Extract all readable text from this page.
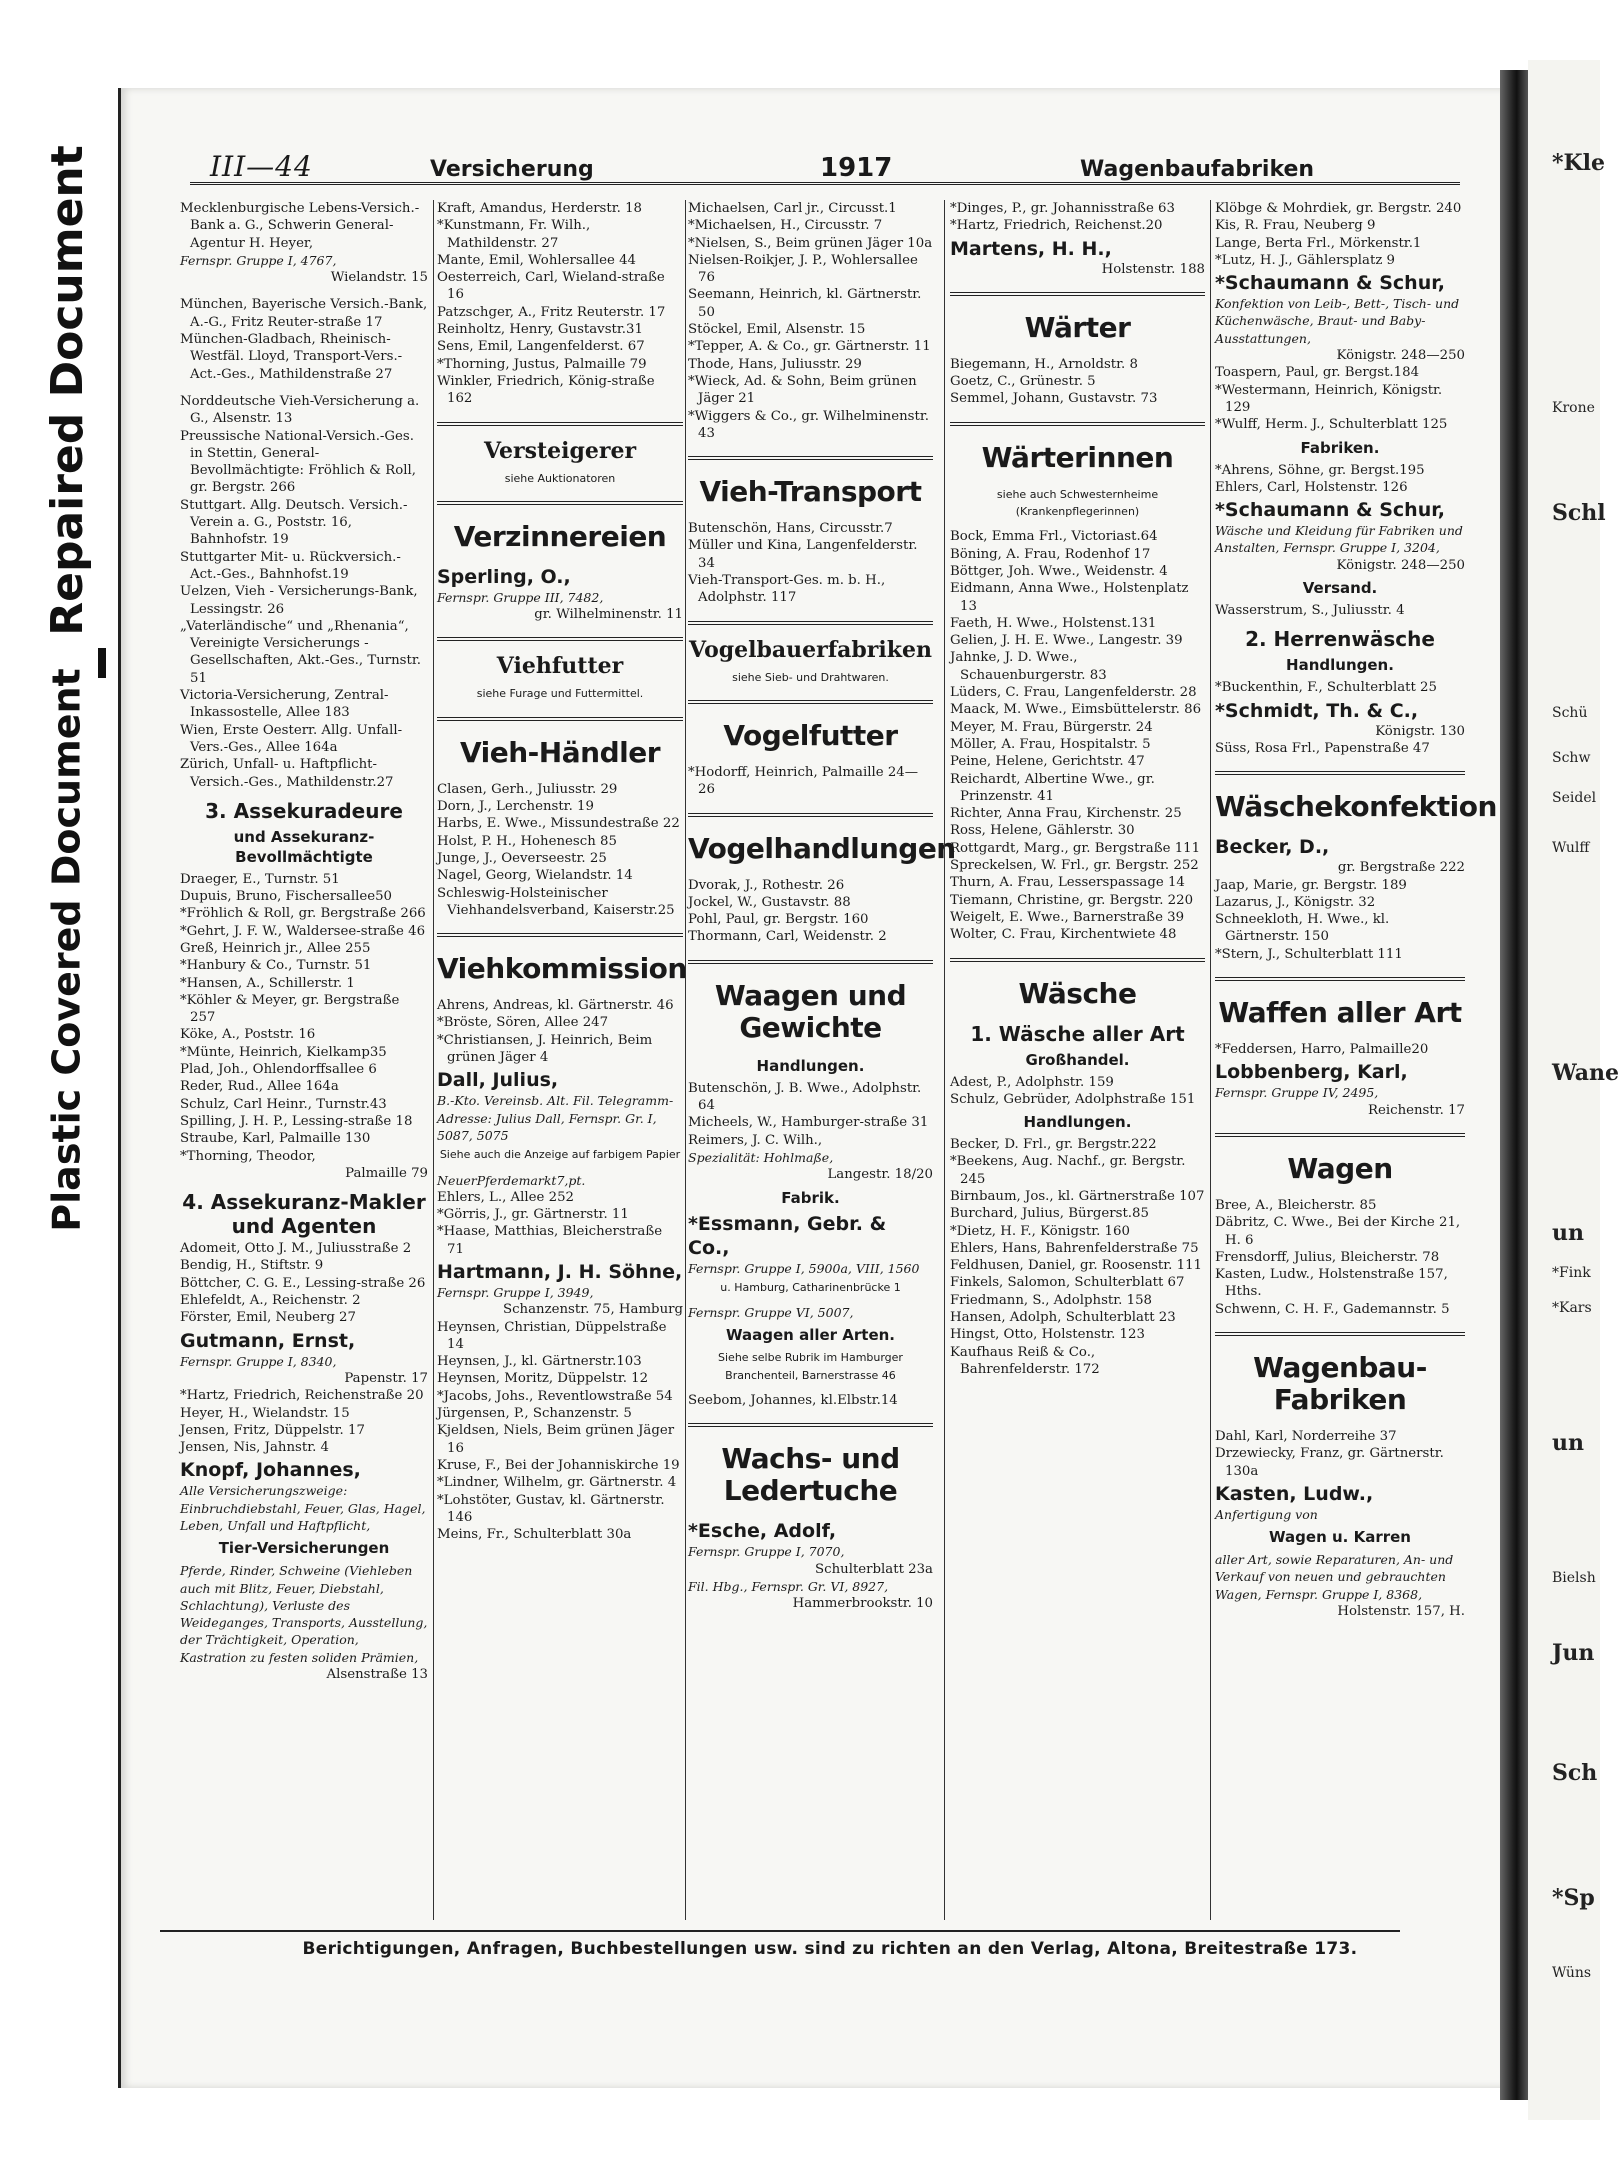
Repaired Document
Plastic Covered Document
*Kle
Krone
Schl
Schü
Schw
Seidel
Wulff
Wane
un
*Fink
*Kars
un
Bielsh
Jun
Sch
*Sp
Wüns
III—44	Versicherung	1917	Wagenbaufabriken
Mecklenburgische Lebens-Versich.-Bank a. G., Schwerin General-Agentur H. Heyer,
Fernspr. Gruppe I, 4767,
Wielandstr. 15
München, Bayerische Versich.-Bank, A.-G., Fritz Reuter-straße 17
München-Gladbach, Rheinisch-Westfäl. Lloyd, Transport-Vers.-Act.-Ges., Mathildenstraße 27
Norddeutsche Vieh-Versicherung a. G., Alsenstr. 13
Preussische National-Versich.-Ges. in Stettin, General-Bevollmächtigte: Fröhlich & Roll, gr. Bergstr. 266
Stuttgart. Allg. Deutsch. Versich.-Verein a. G., Poststr. 16, Bahnhofstr. 19
Stuttgarter Mit- u. Rückversich.-Act.-Ges., Bahnhofst.19
Uelzen, Vieh - Versicherungs-Bank, Lessingstr. 26
„Vaterländische“ und „Rhenania“, Vereinigte Versicherungs - Gesellschaften, Akt.-Ges., Turnstr. 51
Victoria-Versicherung, Zentral-Inkassostelle, Allee 183
Wien, Erste Oesterr. Allg. Unfall-Vers.-Ges., Allee 164a
Zürich, Unfall- u. Haftpflicht-Versich.-Ges., Mathildenstr.27
3. Assekuradeure
und Assekuranz-Bevollmächtigte
Draeger, E., Turnstr. 51
Dupuis, Bruno, Fischersallee50
*Fröhlich & Roll, gr. Bergstraße 266
*Gehrt, J. F. W., Waldersee-straße 46
Greß, Heinrich jr., Allee 255
*Hanbury & Co., Turnstr. 51
*Hansen, A., Schillerstr. 1
*Köhler & Meyer, gr. Bergstraße 257
Köke, A., Poststr. 16
*Münte, Heinrich, Kielkamp35
Plad, Joh., Ohlendorffsallee 6
Reder, Rud., Allee 164a
Schulz, Carl Heinr., Turnstr.43
Spilling, J. H. P., Lessing-straße 18
Straube, Karl, Palmaille 130
*Thorning, Theodor,
Palmaille 79
4. Assekuranz-Makler und Agenten
Adomeit, Otto J. M., Juliusstraße 2
Bendig, H., Stiftstr. 9
Böttcher, C. G. E., Lessing-straße 26
Ehlefeldt, A., Reichenstr. 2
Förster, Emil, Neuberg 27
Gutmann, Ernst,
Fernspr. Gruppe I, 8340,
Papenstr. 17
*Hartz, Friedrich, Reichenstraße 20
Heyer, H., Wielandstr. 15
Jensen, Fritz, Düppelstr. 17
Jensen, Nis, Jahnstr. 4
Knopf, Johannes,
Alle Versicherungszweige: Einbruchdiebstahl, Feuer, Glas, Hagel, Leben, Unfall und Haftpflicht,
Tier-Versicherungen
Pferde, Rinder, Schweine (Viehleben auch mit Blitz, Feuer, Diebstahl, Schlachtung), Verluste des Weideganges, Transports, Ausstellung, der Trächtigkeit, Operation, Kastration zu festen soliden Prämien,
Alsenstraße 13
Kraft, Amandus, Herderstr. 18
*Kunstmann, Fr. Wilh., Mathildenstr. 27
Mante, Emil, Wohlersallee 44
Oesterreich, Carl, Wieland-straße 16
Patzschger, A., Fritz Reuterstr. 17
Reinholtz, Henry, Gustavstr.31
Sens, Emil, Langenfelderst. 67
*Thorning, Justus, Palmaille 79
Winkler, Friedrich, König-straße 162
Versteigerer
siehe Auktionatoren
Verzinnereien
Sperling, O.,
Fernspr. Gruppe III, 7482,
gr. Wilhelminenstr. 11
Viehfutter
siehe Furage und Futtermittel.
Vieh-Händler
Clasen, Gerh., Juliusstr. 29
Dorn, J., Lerchenstr. 19
Harbs, E. Wwe., Missundestraße 22
Holst, P. H., Hohenesch 85
Junge, J., Oeverseestr. 25
Nagel, Georg, Wielandstr. 14
Schleswig-Holsteinischer Viehhandelsverband, Kaiserstr.25
Viehkommission
Ahrens, Andreas, kl. Gärtnerstr. 46
*Bröste, Sören, Allee 247
*Christiansen, J. Heinrich, Beim grünen Jäger 4
Dall, Julius,
B.-Kto. Vereinsb. Alt. Fil. Telegramm-Adresse: Julius Dall, Fernspr. Gr. I, 5087, 5075
Siehe auch die Anzeige auf farbigem Papier
NeuerPferdemarkt7,pt.
Ehlers, L., Allee 252
*Görris, J., gr. Gärtnerstr. 11
*Haase, Matthias, Bleicherstraße 71
Hartmann, J. H. Söhne,
Fernspr. Gruppe I, 3949,
Schanzenstr. 75, Hamburg
Heynsen, Christian, Düppelstraße 14
Heynsen, J., kl. Gärtnerstr.103
Heynsen, Moritz, Düppelstr. 12
*Jacobs, Johs., Reventlowstraße 54
Jürgensen, P., Schanzenstr. 5
Kjeldsen, Niels, Beim grünen Jäger 16
Kruse, F., Bei der Johanniskirche 19
*Lindner, Wilhelm, gr. Gärtnerstr. 4
*Lohstöter, Gustav, kl. Gärtnerstr. 146
Meins, Fr., Schulterblatt 30a
Michaelsen, Carl jr., Circusst.1
*Michaelsen, H., Circusstr. 7
*Nielsen, S., Beim grünen Jäger 10a
Nielsen-Roikjer, J. P., Wohlersallee 76
Seemann, Heinrich, kl. Gärtnerstr. 50
Stöckel, Emil, Alsenstr. 15
*Tepper, A. & Co., gr. Gärtnerstr. 11
Thode, Hans, Juliusstr. 29
*Wieck, Ad. & Sohn, Beim grünen Jäger 21
*Wiggers & Co., gr. Wilhelminenstr. 43
Vieh-Transport
Butenschön, Hans, Circusstr.7
Müller und Kina, Langenfelderstr. 34
Vieh-Transport-Ges. m. b. H., Adolphstr. 117
Vogelbauerfabriken
siehe Sieb- und Drahtwaren.
Vogelfutter
*Hodorff, Heinrich, Palmaille 24—26
Vogelhandlungen
Dvorak, J., Rothestr. 26
Jockel, W., Gustavstr. 88
Pohl, Paul, gr. Bergstr. 160
Thormann, Carl, Weidenstr. 2
Waagen und Gewichte
Handlungen.
Butenschön, J. B. Wwe., Adolphstr. 64
Micheels, W., Hamburger-straße 31
Reimers, J. C. Wilh.,
Spezialität: Hohlmaße,
Langestr. 18/20
Fabrik.
*Essmann, Gebr. & Co.,
Fernspr. Gruppe I, 5900a, VIII, 1560
u. Hamburg, Catharinenbrücke 1
Fernspr. Gruppe VI, 5007,
Waagen aller Arten.
Siehe selbe Rubrik im Hamburger Branchenteil, Barnerstrasse 46
Seebom, Johannes, kl.Elbstr.14
Wachs- und Ledertuche
*Esche, Adolf,
Fernspr. Gruppe I, 7070,
Schulterblatt 23a
Fil. Hbg., Fernspr. Gr. VI, 8927,
Hammerbrookstr. 10
*Dinges, P., gr. Johannisstraße 63
*Hartz, Friedrich, Reichenst.20
Martens, H. H.,
Holstenstr. 188
Wärter
Biegemann, H., Arnoldstr. 8
Goetz, C., Grünestr. 5
Semmel, Johann, Gustavstr. 73
Wärterinnen
siehe auch Schwesternheime (Krankenpflegerinnen)
Bock, Emma Frl., Victoriast.64
Böning, A. Frau, Rodenhof 17
Böttger, Joh. Wwe., Weidenstr. 4
Eidmann, Anna Wwe., Holstenplatz 13
Faeth, H. Wwe., Holstenst.131
Gelien, J. H. E. Wwe., Langestr. 39
Jahnke, J. D. Wwe., Schauenburgerstr. 83
Lüders, C. Frau, Langenfelderstr. 28
Maack, M. Wwe., Eimsbüttelerstr. 86
Meyer, M. Frau, Bürgerstr. 24
Möller, A. Frau, Hospitalstr. 5
Peine, Helene, Gerichtstr. 47
Reichardt, Albertine Wwe., gr. Prinzenstr. 41
Richter, Anna Frau, Kirchenstr. 25
Ross, Helene, Gählerstr. 30
Rottgardt, Marg., gr. Bergstraße 111
Spreckelsen, W. Frl., gr. Bergstr. 252
Thurn, A. Frau, Lesserspassage 14
Tiemann, Christine, gr. Bergstr. 220
Weigelt, E. Wwe., Barnerstraße 39
Wolter, C. Frau, Kirchentwiete 48
Wäsche
1. Wäsche aller Art
Großhandel.
Adest, P., Adolphstr. 159
Schulz, Gebrüder, Adolphstraße 151
Handlungen.
Becker, D. Frl., gr. Bergstr.222
*Beekens, Aug. Nachf., gr. Bergstr. 245
Birnbaum, Jos., kl. Gärtnerstraße 107
Burchard, Julius, Bürgerst.85
*Dietz, H. F., Königstr. 160
Ehlers, Hans, Bahrenfelderstraße 75
Feldhusen, Daniel, gr. Roosenstr. 111
Finkels, Salomon, Schulterblatt 67
Friedmann, S., Adolphstr. 158
Hansen, Adolph, Schulterblatt 23
Hingst, Otto, Holstenstr. 123
Kaufhaus Reiß & Co., Bahrenfelderstr. 172
Klöbge & Mohrdiek, gr. Bergstr. 240
Kis, R. Frau, Neuberg 9
Lange, Berta Frl., Mörkenstr.1
*Lutz, H. J., Gählersplatz 9
*Schaumann & Schur,
Konfektion von Leib-, Bett-, Tisch- und Küchenwäsche, Braut- und Baby-Ausstattungen,
Königstr. 248—250
Toaspern, Paul, gr. Bergst.184
*Westermann, Heinrich, Königstr. 129
*Wulff, Herm. J., Schulterblatt 125
Fabriken.
*Ahrens, Söhne, gr. Bergst.195
Ehlers, Carl, Holstenstr. 126
*Schaumann & Schur,
Wäsche und Kleidung für Fabriken und Anstalten, Fernspr. Gruppe I, 3204,
Königstr. 248—250
Versand.
Wasserstrum, S., Juliusstr. 4
2. Herrenwäsche
Handlungen.
*Buckenthin, F., Schulterblatt 25
*Schmidt, Th. & C.,
Königstr. 130
Süss, Rosa Frl., Papenstraße 47
Wäschekonfektion
Becker, D.,
gr. Bergstraße 222
Jaap, Marie, gr. Bergstr. 189
Lazarus, J., Königstr. 32
Schneekloth, H. Wwe., kl. Gärtnerstr. 150
*Stern, J., Schulterblatt 111
Waffen aller Art
*Feddersen, Harro, Palmaille20
Lobbenberg, Karl,
Fernspr. Gruppe IV, 2495,
Reichenstr. 17
Wagen
Bree, A., Bleicherstr. 85
Däbritz, C. Wwe., Bei der Kirche 21, H. 6
Frensdorff, Julius, Bleicherstr. 78
Kasten, Ludw., Holstenstraße 157, Hths.
Schwenn, C. H. F., Gademannstr. 5
Wagenbau-Fabriken
Dahl, Karl, Norderreihe 37
Drzewiecky, Franz, gr. Gärtnerstr. 130a
Kasten, Ludw.,
Anfertigung von
Wagen u. Karren
aller Art, sowie Reparaturen, An- und Verkauf von neuen und gebrauchten Wagen, Fernspr. Gruppe I, 8368,
Holstenstr. 157, H.
Berichtigungen, Anfragen, Buchbestellungen usw. sind zu richten an den Verlag, Altona, Breitestraße 173.
